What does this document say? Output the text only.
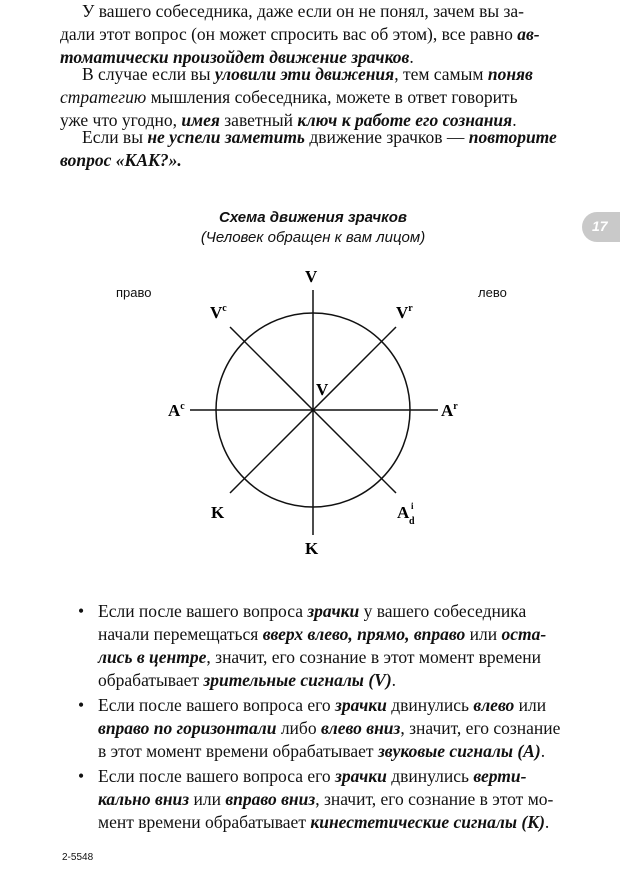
У вашего собеседника, даже если он не понял, зачем вы за-
дали этот вопрос (он может спросить вас об этом), все равно ав-
томатически произойдет движение зрачков.
В случае если вы уловили эти движения, тем самым поняв
стратегию мышления собеседника, можете в ответ говорить
уже что угодно, имея заветный ключ к работе его сознания.
Если вы не успели заметить движение зрачков — повторите
вопрос «КАК?».
17
Схема движения зрачков
(Человек обращен к вам лицом)
право	лево
V
$V^c$	$V^r$
V
$A^c$	$A^r$
K	A i
d
K
• Если после вашего вопроса зрачки у вашего собеседника
начали перемещаться вверх влево, прямо, вправо или оста-
лись в центре, значит, его сознание в этот момент времени
обрабатывает зрительные сигналы (V).
• Если после вашего вопроса его зрачки двинулись влево или
вправо по горизонтали либо влево вниз, значит, его сознание
в этот момент времени обрабатывает звуковые сигналы (А).
• Если после вашего вопроса его зрачки двинулись верти-
кально вниз или вправо вниз, значит, его сознание в этот мо-
мент времени обрабатывает кинестетические сигналы (К).
2-5548
